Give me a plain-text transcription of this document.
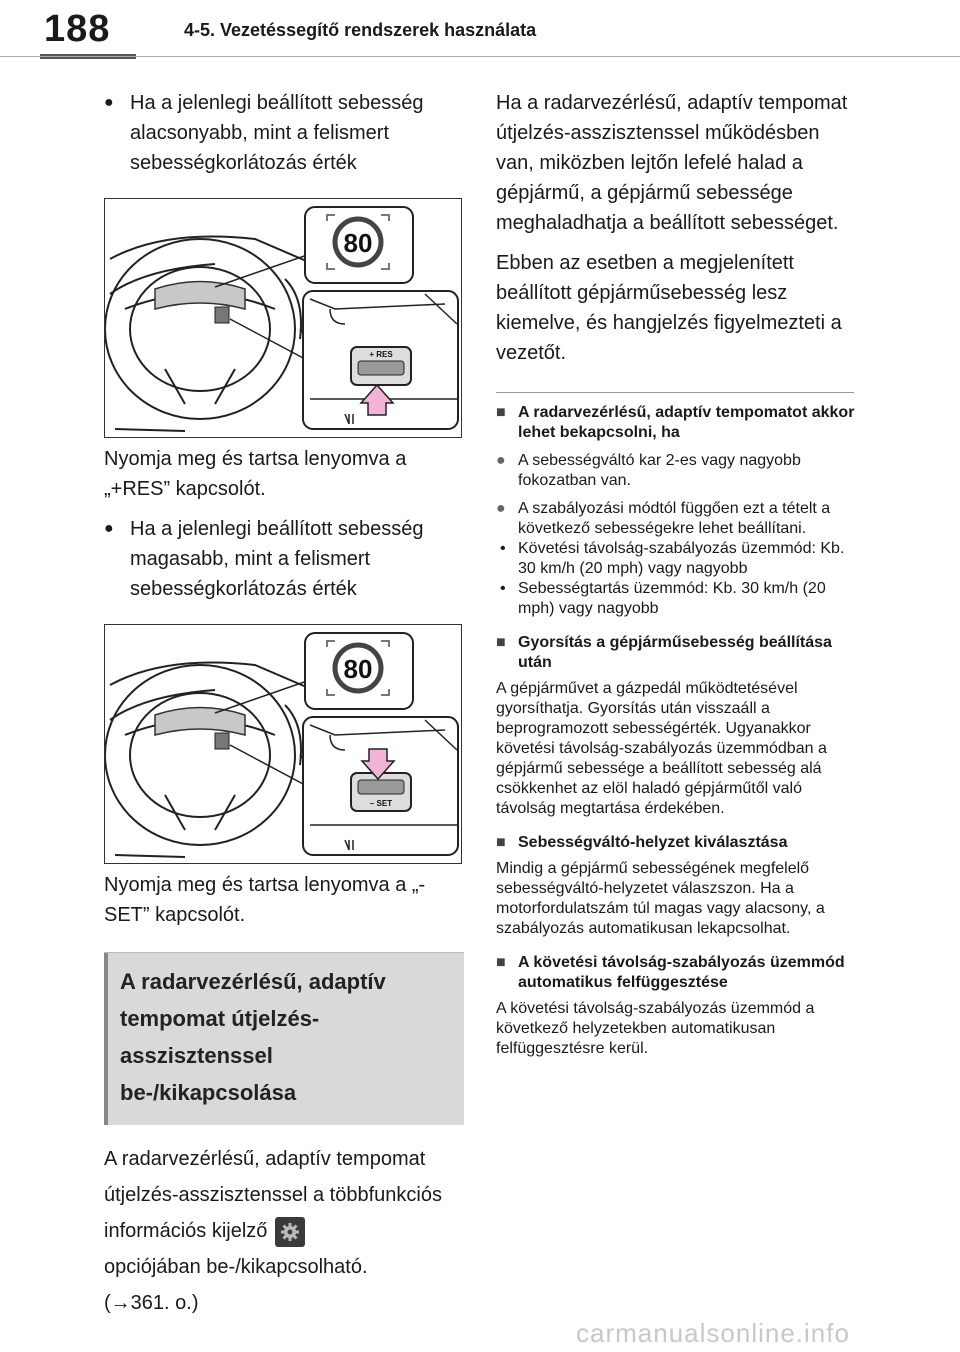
188	4-5. Vezetéssegítő rendszerek használata
● Ha a jelenlegi beállított sebesség alacsonyabb, mint a felismert sebességkorlátozás érték
80
+ RES
Nyomja meg és tartsa lenyomva a „+RES” kapcsolót.
● Ha a jelenlegi beállított sebesség magasabb, mint a felismert sebességkorlátozás érték
80
– SET
Nyomja meg és tartsa lenyomva a „-SET” kapcsolót.
A radarvezérlésű, adaptív tempomat útjelzés-asszisztenssel be-/kikapcsolása
A radarvezérlésű, adaptív tempomat útjelzés-asszisztenssel a többfunkciós információs kijelző
opciójában be-/kikapcsolható.
(→361. o.)
Ha a radarvezérlésű, adaptív tempomat útjelzés-asszisztenssel működésben van, miközben lejtőn lefelé halad a gépjármű, a gépjármű sebessége meghaladhatja a beállított sebességet.
Ebben az esetben a megjelenített beállított gépjárműsebesség lesz kiemelve, és hangjelzés figyelmezteti a vezetőt.
■ A radarvezérlésű, adaptív tempomatot akkor lehet bekapcsolni, ha
● A sebességváltó kar 2-es vagy nagyobb fokozatban van.
● A szabályozási módtól függően ezt a tételt a következő sebességekre lehet beállítani.
• Követési távolság-szabályozás üzemmód: Kb. 30 km/h (20 mph) vagy nagyobb
• Sebességtartás üzemmód: Kb. 30 km/h (20 mph) vagy nagyobb
■ Gyorsítás a gépjárműsebesség beállítása után
A gépjárművet a gázpedál működtetésével gyorsíthatja. Gyorsítás után visszaáll a beprogramozott sebességérték. Ugyanakkor követési távolság-szabályozás üzemmódban a gépjármű sebessége a beállított sebesség alá csökkenhet az elöl haladó gépjárműtől való távolság megtartása érdekében.
■ Sebességváltó-helyzet kiválasztása
Mindig a gépjármű sebességének megfelelő sebességváltó-helyzetet válaszszon. Ha a motorfordulatszám túl magas vagy alacsony, a szabályozás automatikusan lekapcsolhat.
■ A követési távolság-szabályozás üzemmód automatikus felfüggesztése
A követési távolság-szabályozás üzemmód a következő helyzetekben automatikusan felfüggesztésre kerül.
carmanualsonline.info
